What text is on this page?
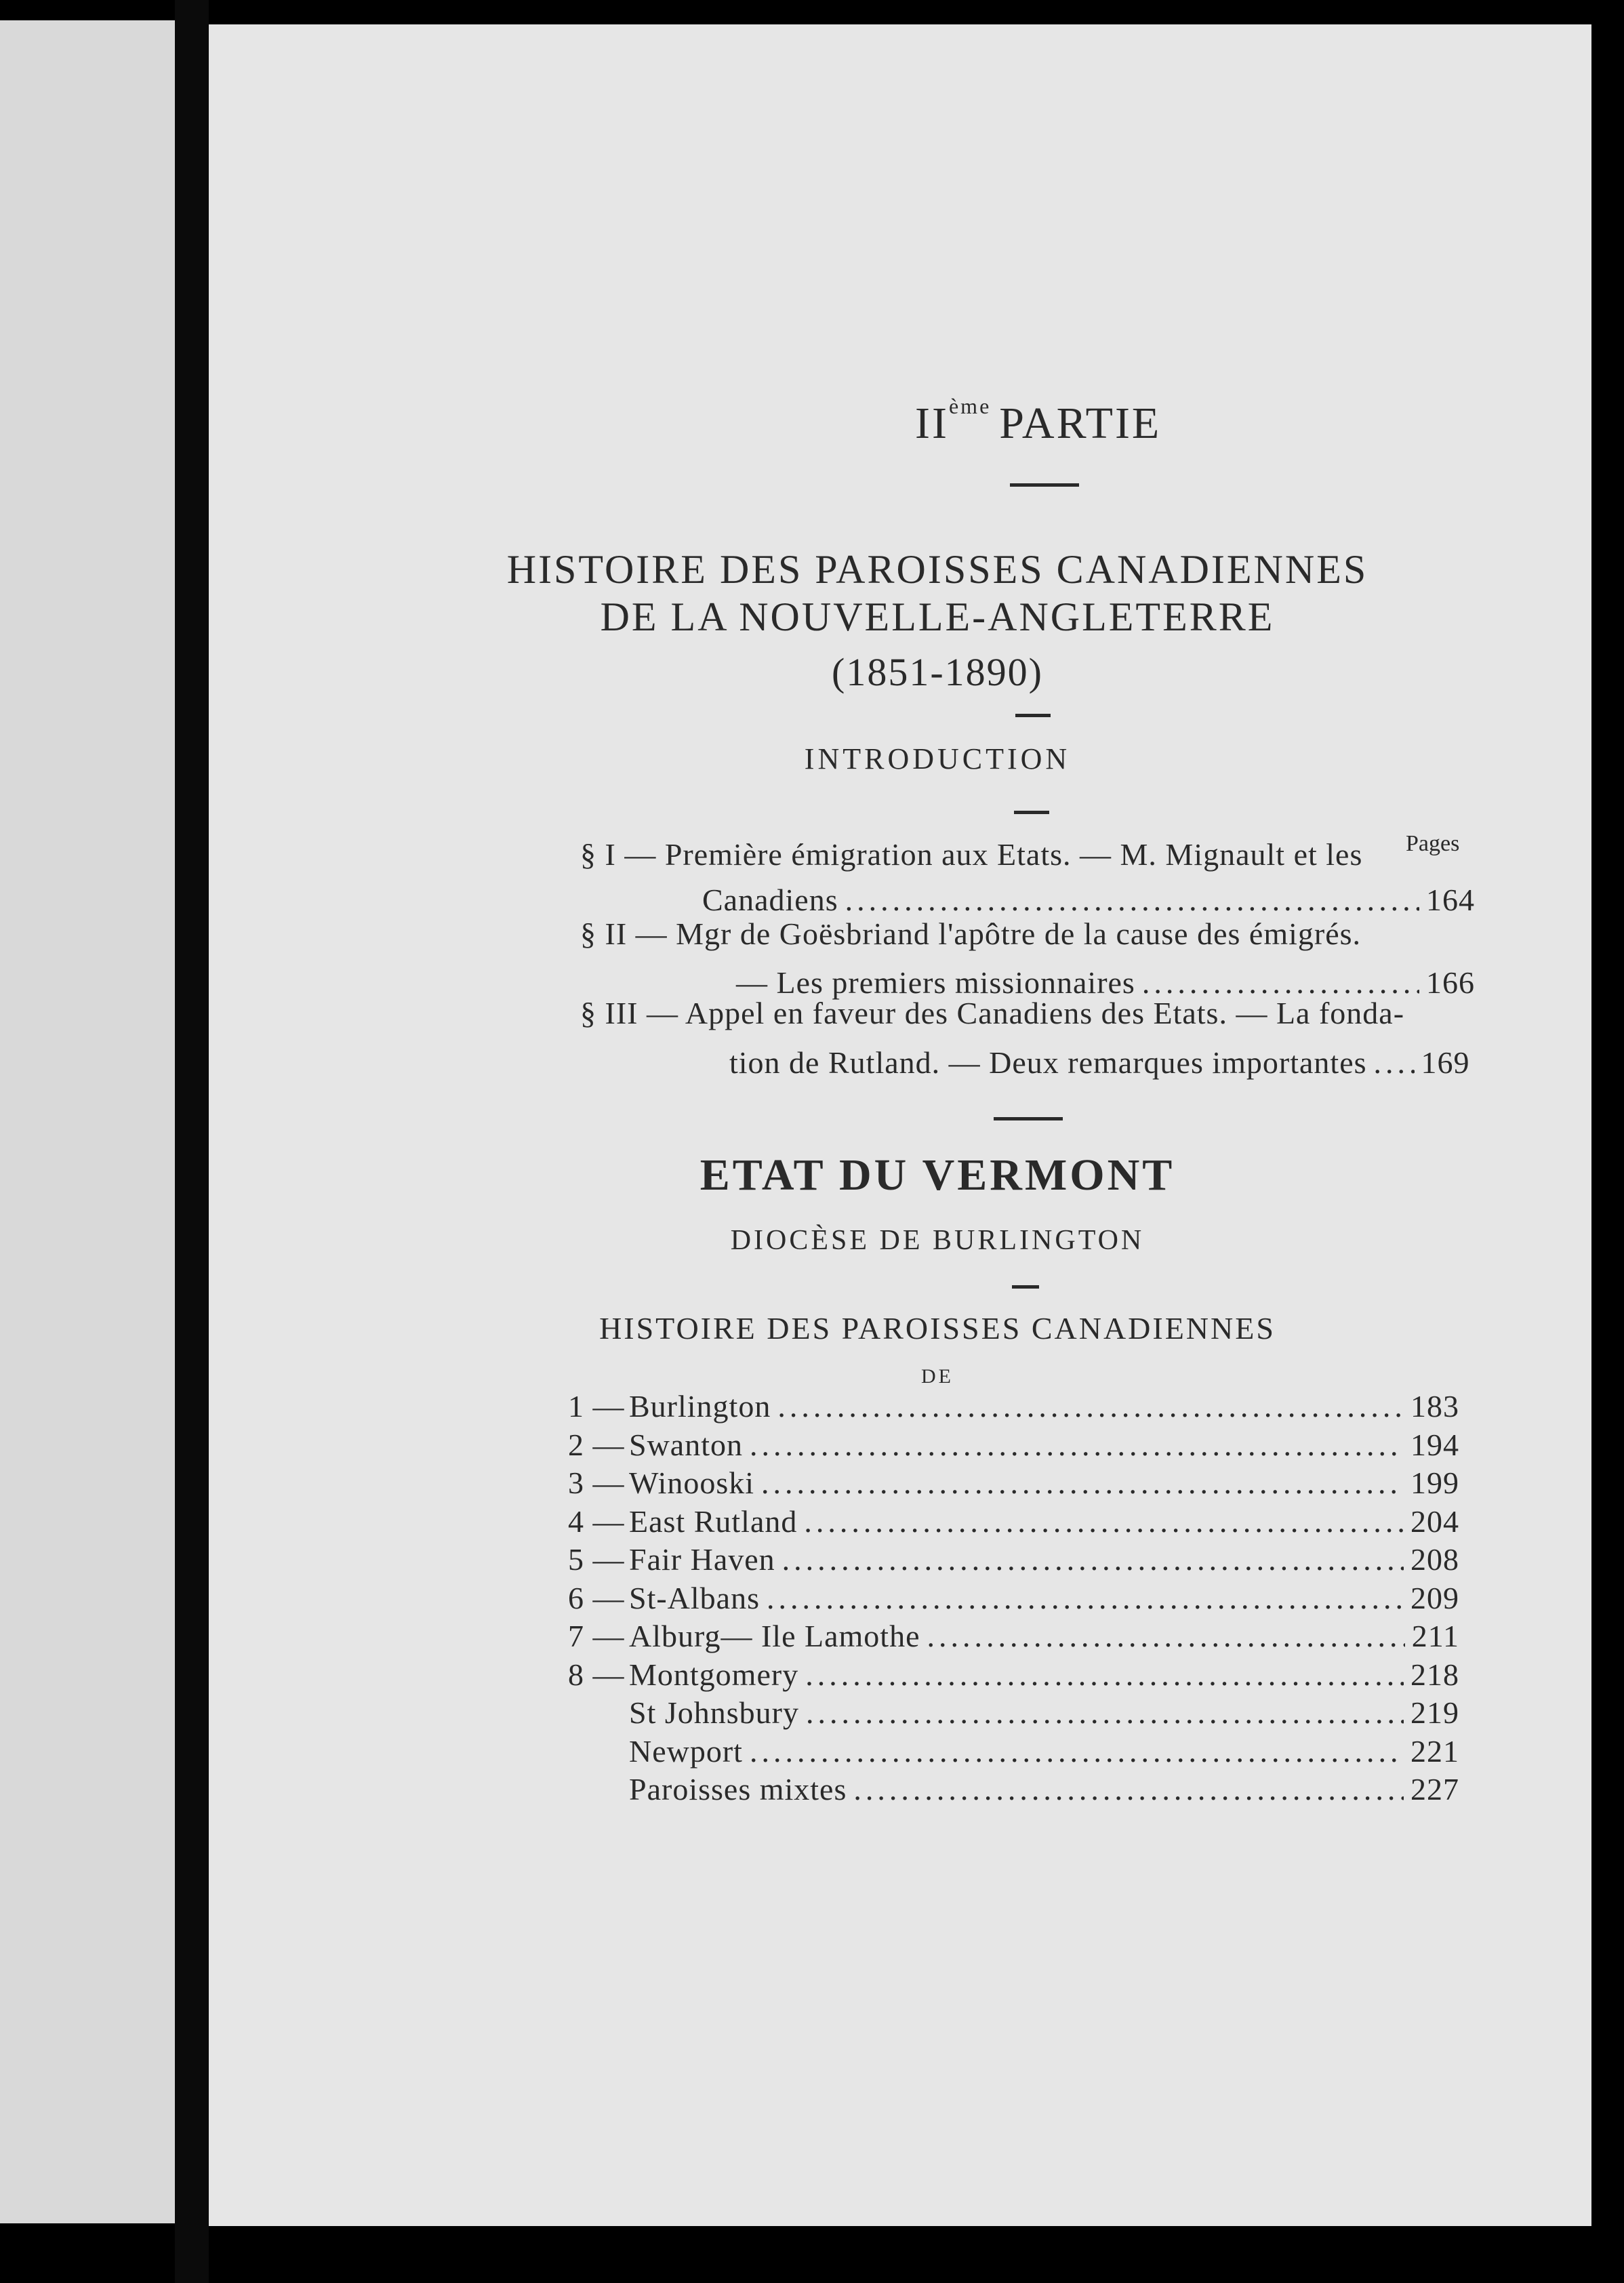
IIème PARTIE
HISTOIRE DES PAROISSES CANADIENNES
DE LA NOUVELLE-ANGLETERRE
(1851-1890)
INTRODUCTION
Pages
§ I — Première émigration aux Etats. — M. Mignault et les
Canadiens .....	164
§ II — Mgr de Goësbriand l'apôtre de la cause des émigrés.
— Les premiers missionnaires .....	166
§ III — Appel en faveur des Canadiens des Etats. — La fonda-
tion de Rutland. — Deux remarques importantes ..... 169
ETAT DU VERMONT
DIOCÈSE DE BURLINGTON
HISTOIRE DES PAROISSES CANADIENNES
DE
1 — Burlington .....	183
2 — Swanton .....	194
3 — Winooski .....	199
4 — East Rutland .....	204
5 — Fair Haven .....	208
6 — St-Albans .....	209
7 — Alburg— Ile Lamothe .....	211
8 — Montgomery .....	218
St Johnsbury .....	219
Newport .....	221
Paroisses mixtes .....	227
